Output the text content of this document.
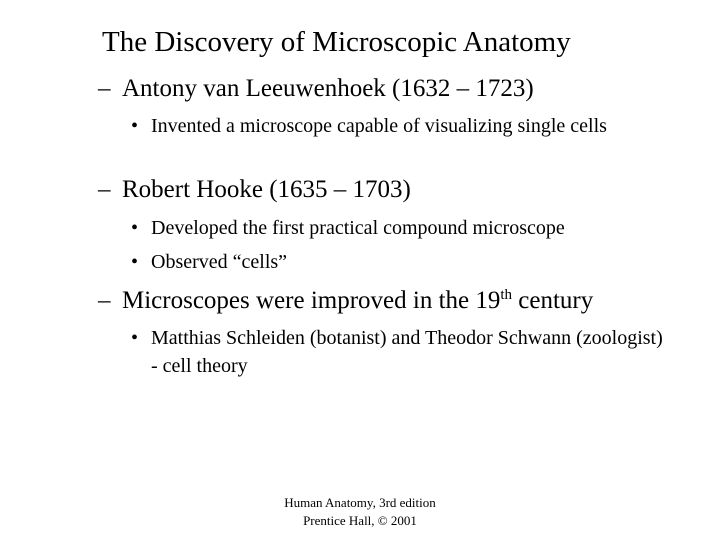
The Discovery of Microscopic Anatomy
– Antony van Leeuwenhoek (1632 – 1723)
• Invented a microscope capable of visualizing single cells
– Robert Hooke (1635 – 1703)
• Developed the first practical compound microscope
• Observed “cells”
– Microscopes were improved in the 19th century
• Matthias Schleiden (botanist) and Theodor Schwann (zoologist)  - cell theory
Human Anatomy, 3rd edition
Prentice Hall, © 2001
